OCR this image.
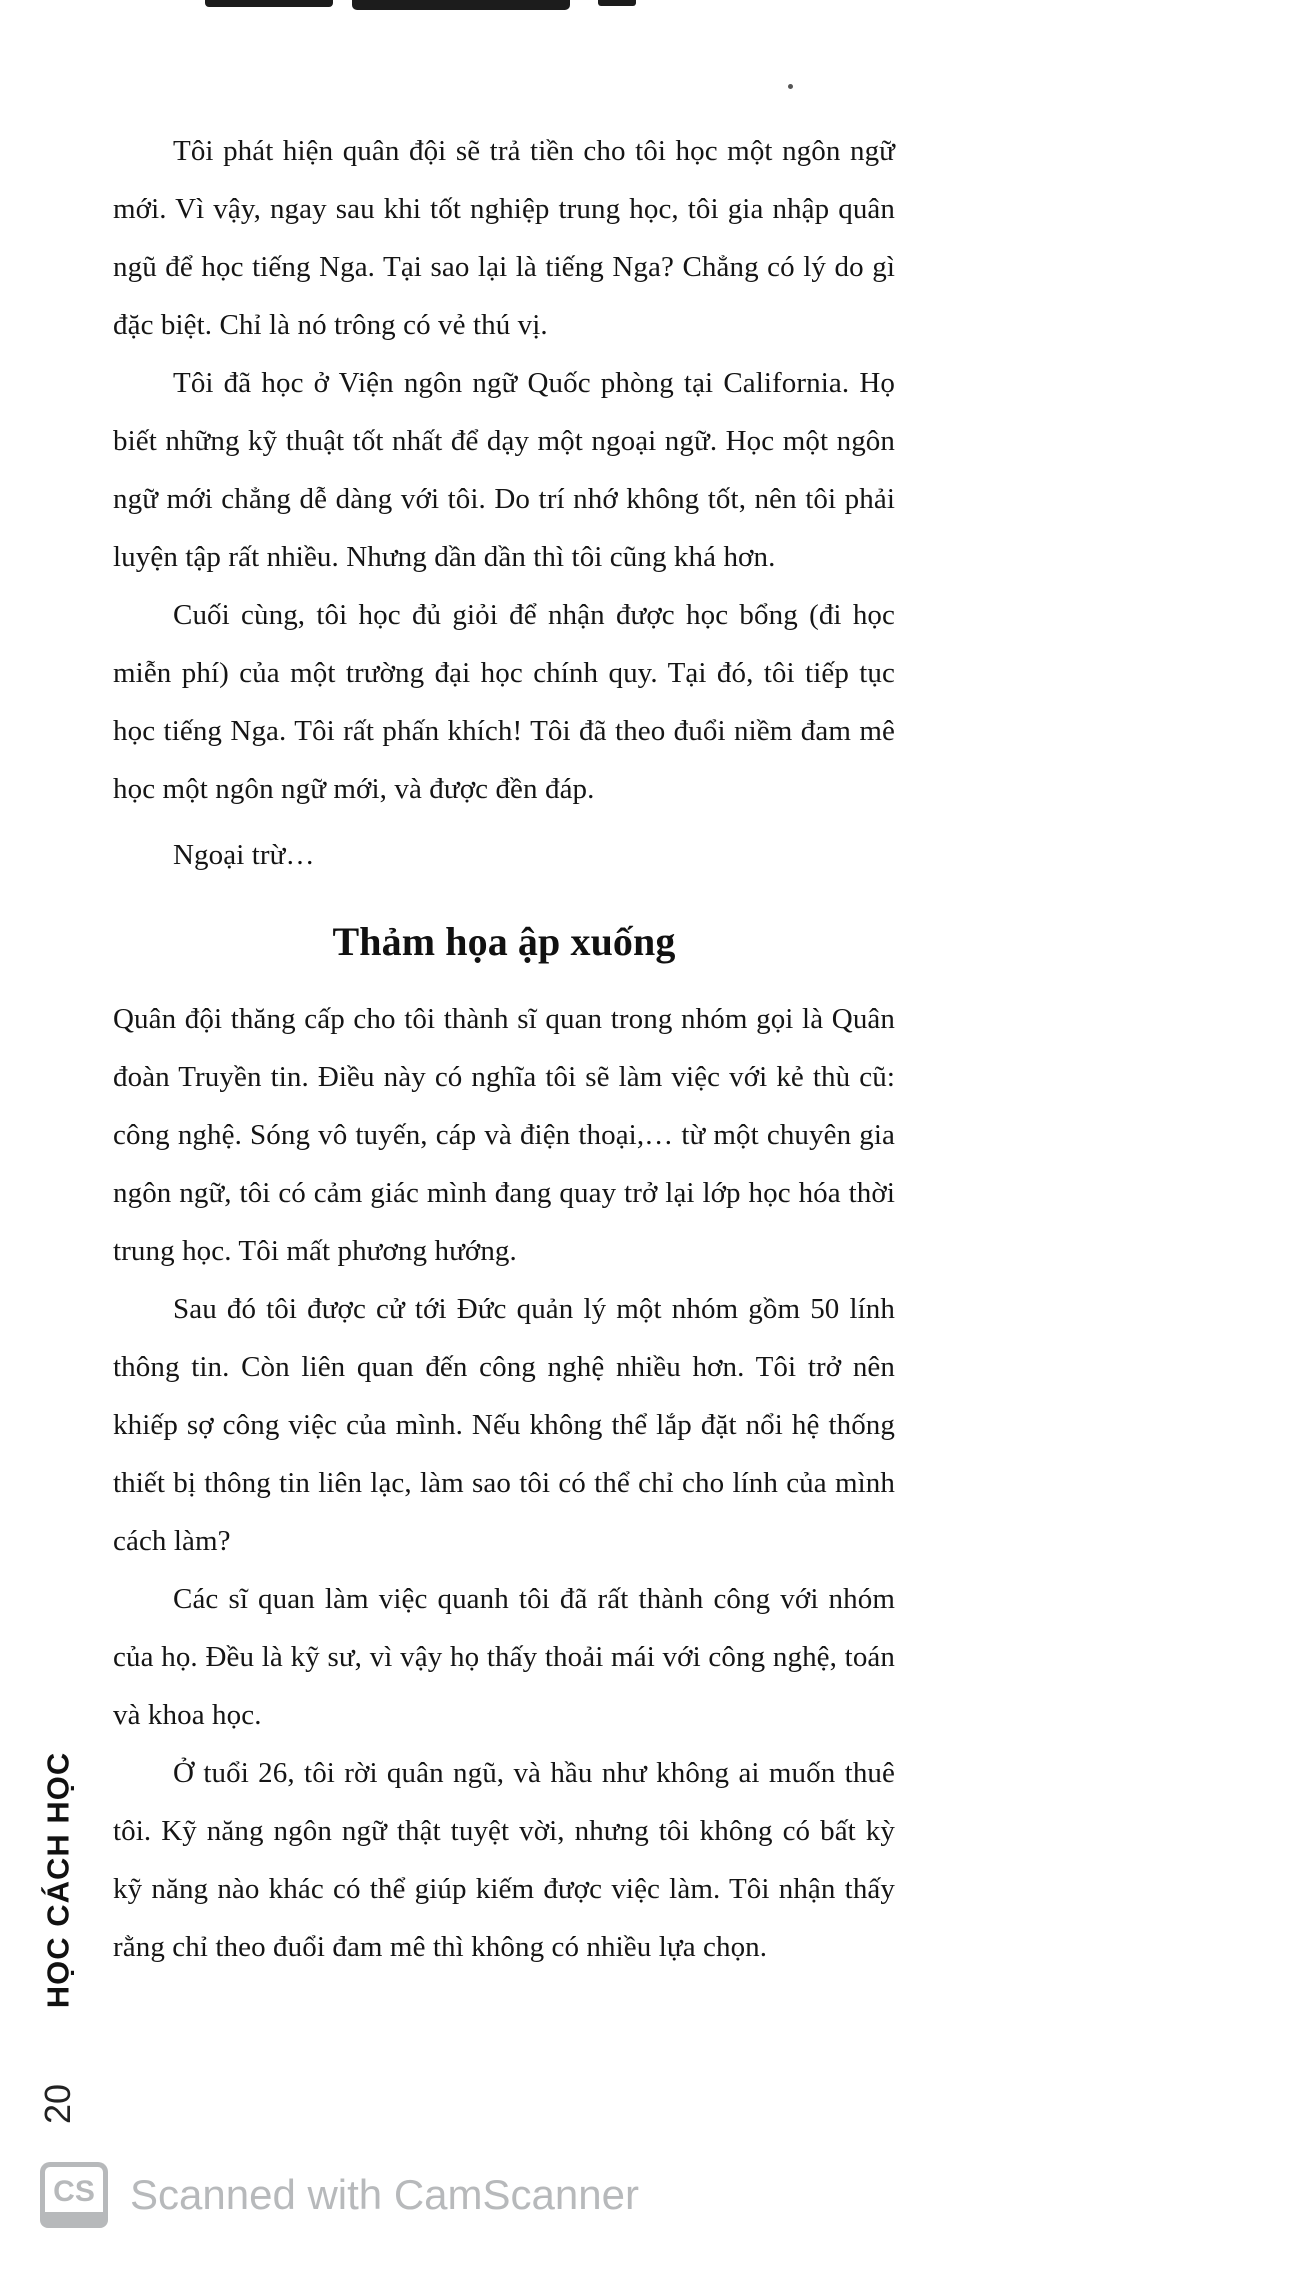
Tôi phát hiện quân đội sẽ trả tiền cho tôi học một ngôn ngữ mới. Vì vậy, ngay sau khi tốt nghiệp trung học, tôi gia nhập quân ngũ để học tiếng Nga. Tại sao lại là tiếng Nga? Chẳng có lý do gì đặc biệt. Chỉ là nó trông có vẻ thú vị.

Tôi đã học ở Viện ngôn ngữ Quốc phòng tại California. Họ biết những kỹ thuật tốt nhất để dạy một ngoại ngữ. Học một ngôn ngữ mới chẳng dễ dàng với tôi. Do trí nhớ không tốt, nên tôi phải luyện tập rất nhiều. Nhưng dần dần thì tôi cũng khá hơn.

Cuối cùng, tôi học đủ giỏi để nhận được học bổng (đi học miễn phí) của một trường đại học chính quy. Tại đó, tôi tiếp tục học tiếng Nga. Tôi rất phấn khích! Tôi đã theo đuổi niềm đam mê học một ngôn ngữ mới, và được đền đáp.

Ngoại trừ…

Thảm họa ập xuống

Quân đội thăng cấp cho tôi thành sĩ quan trong nhóm gọi là Quân đoàn Truyền tin. Điều này có nghĩa tôi sẽ làm việc với kẻ thù cũ: công nghệ. Sóng vô tuyến, cáp và điện thoại,… từ một chuyên gia ngôn ngữ, tôi có cảm giác mình đang quay trở lại lớp học hóa thời trung học. Tôi mất phương hướng.

Sau đó tôi được cử tới Đức quản lý một nhóm gồm 50 lính thông tin. Còn liên quan đến công nghệ nhiều hơn. Tôi trở nên khiếp sợ công việc của mình. Nếu không thể lắp đặt nổi hệ thống thiết bị thông tin liên lạc, làm sao tôi có thể chỉ cho lính của mình cách làm?

Các sĩ quan làm việc quanh tôi đã rất thành công với nhóm của họ. Đều là kỹ sư, vì vậy họ thấy thoải mái với công nghệ, toán và khoa học.

Ở tuổi 26, tôi rời quân ngũ, và hầu như không ai muốn thuê tôi. Kỹ năng ngôn ngữ thật tuyệt vời, nhưng tôi không có bất kỳ kỹ năng nào khác có thể giúp kiếm được việc làm. Tôi nhận thấy rằng chỉ theo đuổi đam mê thì không có nhiều lựa chọn.

HỌC CÁCH HỌC
20
CS Scanned with CamScanner
